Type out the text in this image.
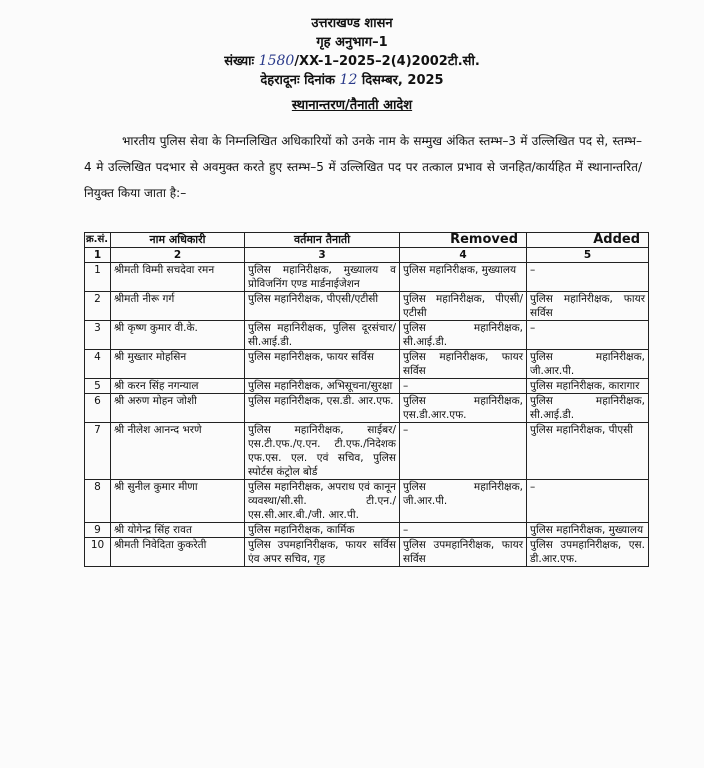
उत्तराखण्ड शासन
गृह अनुभाग–1
संख्याः 1580/XX-1–2025–2(4)2002टी.सी.
देहरादूनः दिनांक 12 दिसम्बर, 2025
स्थानान्तरण/तैनाती आदेश
भारतीय पुलिस सेवा के निम्नलिखित अधिकारियों को उनके नाम के सम्मुख अंकित स्तम्भ–3 में उल्लिखित पद से, स्तम्भ–4 मे उल्लिखित पदभार से अवमुक्त करते हुए स्तम्भ–5 में उल्लिखित पद पर तत्काल प्रभाव से जनहित/कार्यहित में स्थानान्तरित/नियुक्त किया जाता है:–
क्र.सं.	नाम अधिकारी	वर्तमान तैनाती	Removed	Added
1	2	3	4	5
1	श्रीमती विम्मी सचदेवा रमन	पुलिस महानिरीक्षक, मुख्यालय व प्रोविजनिंग एण्ड मार्डनाईजेशन	पुलिस महानिरीक्षक, मुख्यालय	–
2	श्रीमती नीरू गर्ग	पुलिस महानिरीक्षक, पीएसी/एटीसी	पुलिस महानिरीक्षक, पीएसी/एटीसी	पुलिस महानिरीक्षक, फायर सर्विस
3	श्री कृष्ण कुमार वी.के.	पुलिस महानिरीक्षक, पुलिस दूरसंचार/सी.आई.डी.	पुलिस महानिरीक्षक, सी.आई.डी.	–
4	श्री मुख्तार मोहसिन	पुलिस महानिरीक्षक, फायर सर्विस	पुलिस महानिरीक्षक, फायर सर्विस	पुलिस महानिरीक्षक, जी.आर.पी.
5	श्री करन सिंह नगन्याल	पुलिस महानिरीक्षक, अभिसूचना/सुरक्षा	–	पुलिस महानिरीक्षक, कारागार
6	श्री अरुण मोहन जोशी	पुलिस महानिरीक्षक, एस.डी. आर.एफ.	पुलिस महानिरीक्षक, एस.डी.आर.एफ.	पुलिस महानिरीक्षक, सी.आई.डी.
7	श्री नीलेश आनन्द भरणे	पुलिस महानिरीक्षक, साईबर/एस.टी.एफ./ए.एन. टी.एफ./निदेशक एफ.एस. एल. एवं सचिव, पुलिस स्पोर्टस कंट्रोल बोर्ड	–	पुलिस महानिरीक्षक, पीएसी
8	श्री सुनील कुमार मीणा	पुलिस महानिरीक्षक, अपराध एवं कानून व्यवस्था/सी.सी. टी.एन./एस.सी.आर.बी./जी. आर.पी.	पुलिस महानिरीक्षक, जी.आर.पी.	–
9	श्री योगेन्द्र सिंह रावत	पुलिस महानिरीक्षक, कार्मिक	–	पुलिस महानिरीक्षक, मुख्यालय
10	श्रीमती निवेदिता कुकरेती	पुलिस उपमहानिरीक्षक, फायर सर्विस एंव अपर सचिव, गृह	पुलिस उपमहानिरीक्षक, फायर सर्विस	पुलिस उपमहानिरीक्षक, एस. डी.आर.एफ.
